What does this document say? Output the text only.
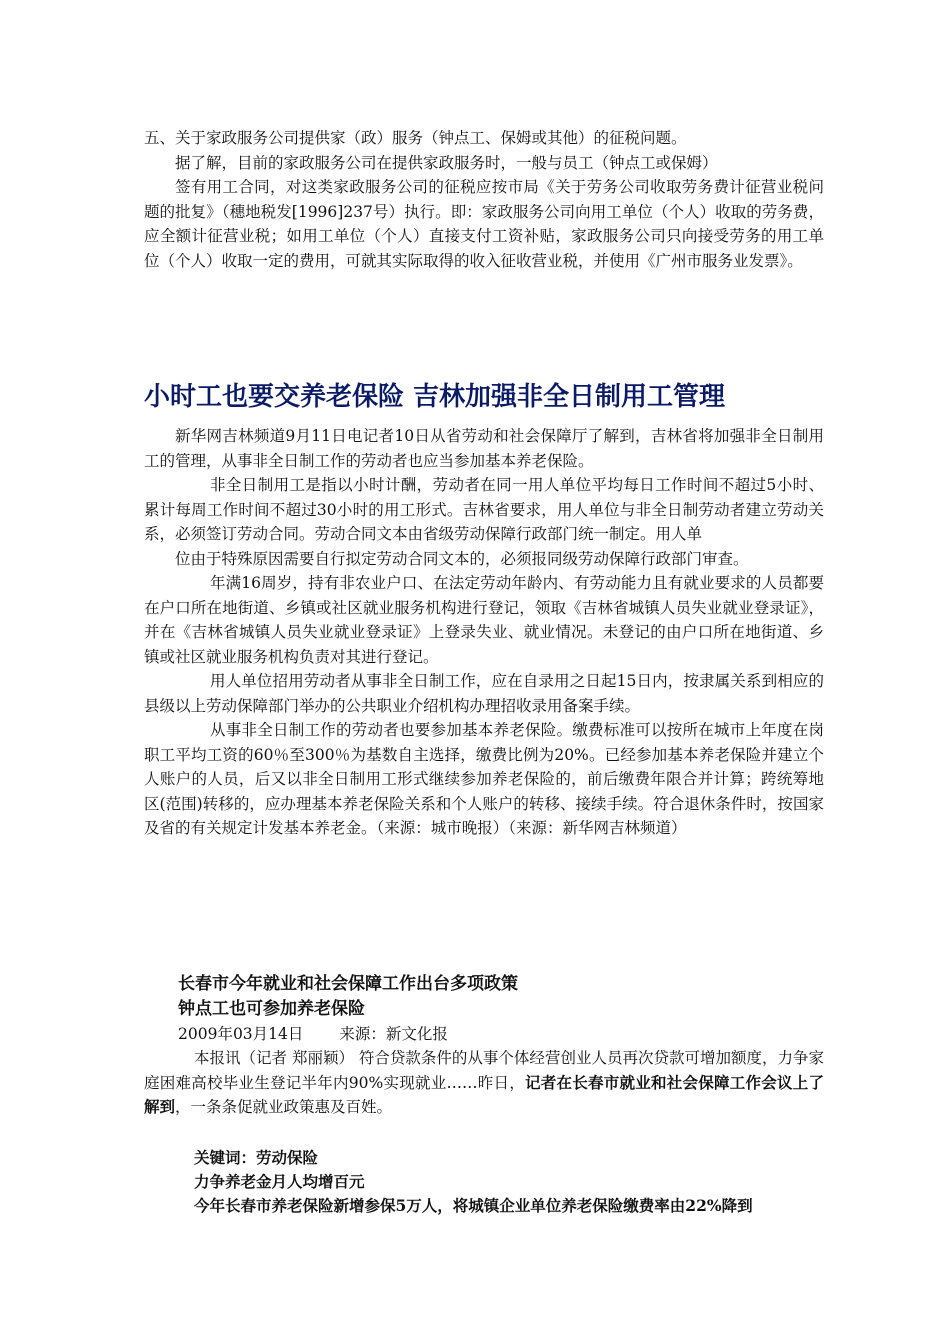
五、关于家政服务公司提供家（政）服务（钟点工、保姆或其他）的征税问题。

据了解，目前的家政服务公司在提供家政服务时，一般与员工（钟点工或保姆）

签有用工合同，对这类家政服务公司的征税应按市局《关于劳务公司收取劳务费计征营业税问题的批复》（穗地税发[1996]237号）执行。即：家政服务公司向用工单位（个人）收取的劳务费，应全额计征营业税；如用工单位（个人）直接支付工资补贴，家政服务公司只向接受劳务的用工单位（个人）收取一定的费用，可就其实际取得的收入征收营业税，并使用《广州市服务业发票》。

小时工也要交养老保险 吉林加强非全日制用工管理

新华网吉林频道9月11日电记者10日从省劳动和社会保障厅了解到，吉林省将加强非全日制用工的管理，从事非全日制工作的劳动者也应当参加基本养老保险。

非全日制用工是指以小时计酬，劳动者在同一用人单位平均每日工作时间不超过5小时、累计每周工作时间不超过30小时的用工形式。吉林省要求，用人单位与非全日制劳动者建立劳动关系，必须签订劳动合同。劳动合同文本由省级劳动保障行政部门统一制定。用人单

位由于特殊原因需要自行拟定劳动合同文本的，必须报同级劳动保障行政部门审查。

年满16周岁，持有非农业户口、在法定劳动年龄内、有劳动能力且有就业要求的人员都要在户口所在地街道、乡镇或社区就业服务机构进行登记，领取《吉林省城镇人员失业就业登录证》，并在《吉林省城镇人员失业就业登录证》上登录失业、就业情况。未登记的由户口所在地街道、乡镇或社区就业服务机构负责对其进行登记。

用人单位招用劳动者从事非全日制工作，应在自录用之日起15日内，按隶属关系到相应的县级以上劳动保障部门举办的公共职业介绍机构办理招收录用备案手续。

从事非全日制工作的劳动者也要参加基本养老保险。缴费标准可以按所在城市上年度在岗职工平均工资的60％至300％为基数自主选择，缴费比例为20%。已经参加基本养老保险并建立个人账户的人员，后又以非全日制用工形式继续参加养老保险的，前后缴费年限合并计算；跨统筹地区(范围)转移的，应办理基本养老保险关系和个人账户的转移、接续手续。符合退休条件时，按国家及省的有关规定计发基本养老金。（来源：城市晚报）（来源：新华网吉林频道）

长春市今年就业和社会保障工作出台多项政策

钟点工也可参加养老保险

2009年03月14日 来源：新文化报

本报讯（记者 郑丽颖） 符合贷款条件的从事个体经营创业人员再次贷款可增加额度，力争家庭困难高校毕业生登记半年内90%实现就业……昨日，记者在长春市就业和社会保障工作会议上了解到，一条条促就业政策惠及百姓。

关键词：劳动保险

力争养老金月人均增百元

今年长春市养老保险新增参保5万人，将城镇企业单位养老保险缴费率由22%降到
